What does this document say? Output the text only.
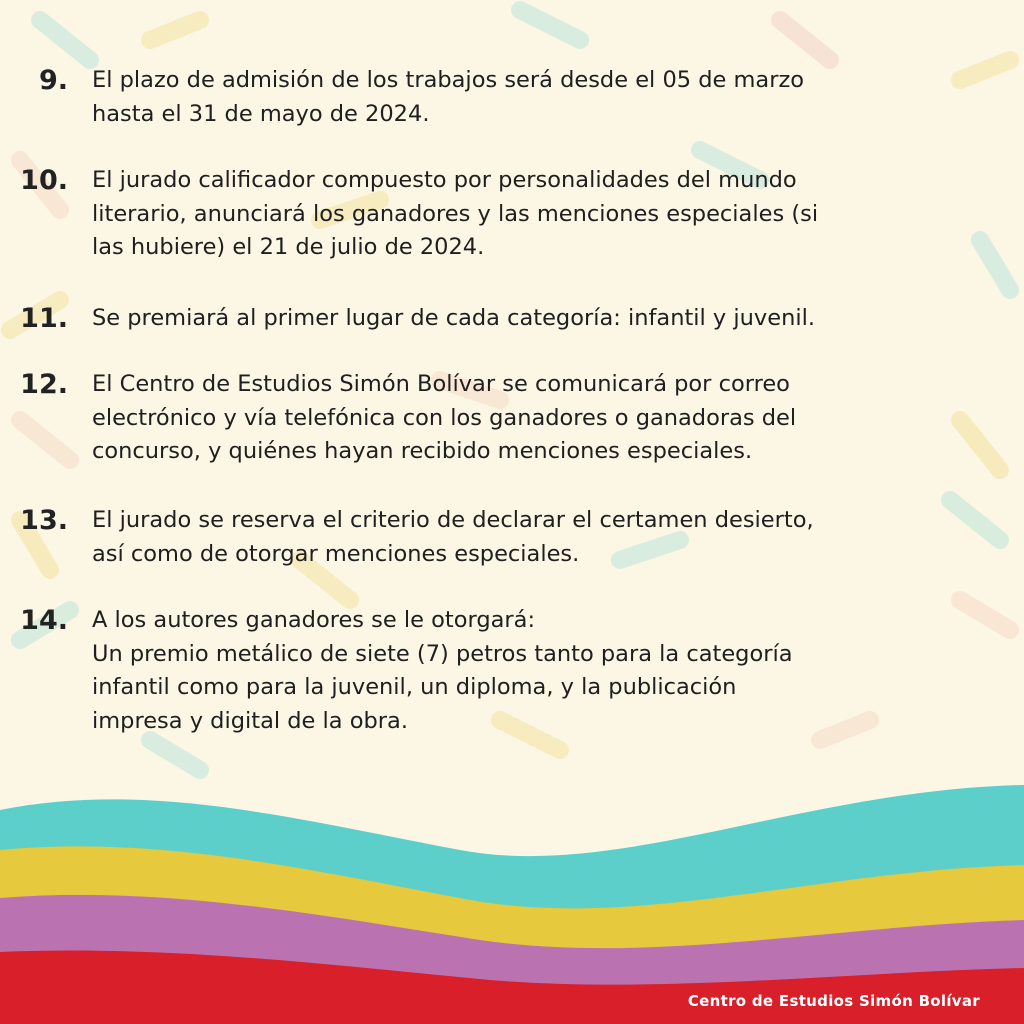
9. El plazo de admisión de los trabajos será desde el 05 de marzo
hasta el 31 de mayo de 2024.
10. El jurado calificador compuesto por personalidades del mundo
literario, anunciará los ganadores y las menciones especiales (si
las hubiere) el 21 de julio de 2024.
11. Se premiará al primer lugar de cada categoría: infantil y juvenil.
12. El Centro de Estudios Simón Bolívar se comunicará por correo
electrónico y vía telefónica con los ganadores o ganadoras del
concurso, y quiénes hayan recibido menciones especiales.
13. El jurado se reserva el criterio de declarar el certamen desierto,
así como de otorgar menciones especiales.
14. A los autores ganadores se le otorgará:
Un premio metálico de siete (7) petros tanto para la categoría
infantil como para la juvenil, un diploma, y la publicación
impresa y digital de la obra.
Centro de Estudios Simón Bolívar
